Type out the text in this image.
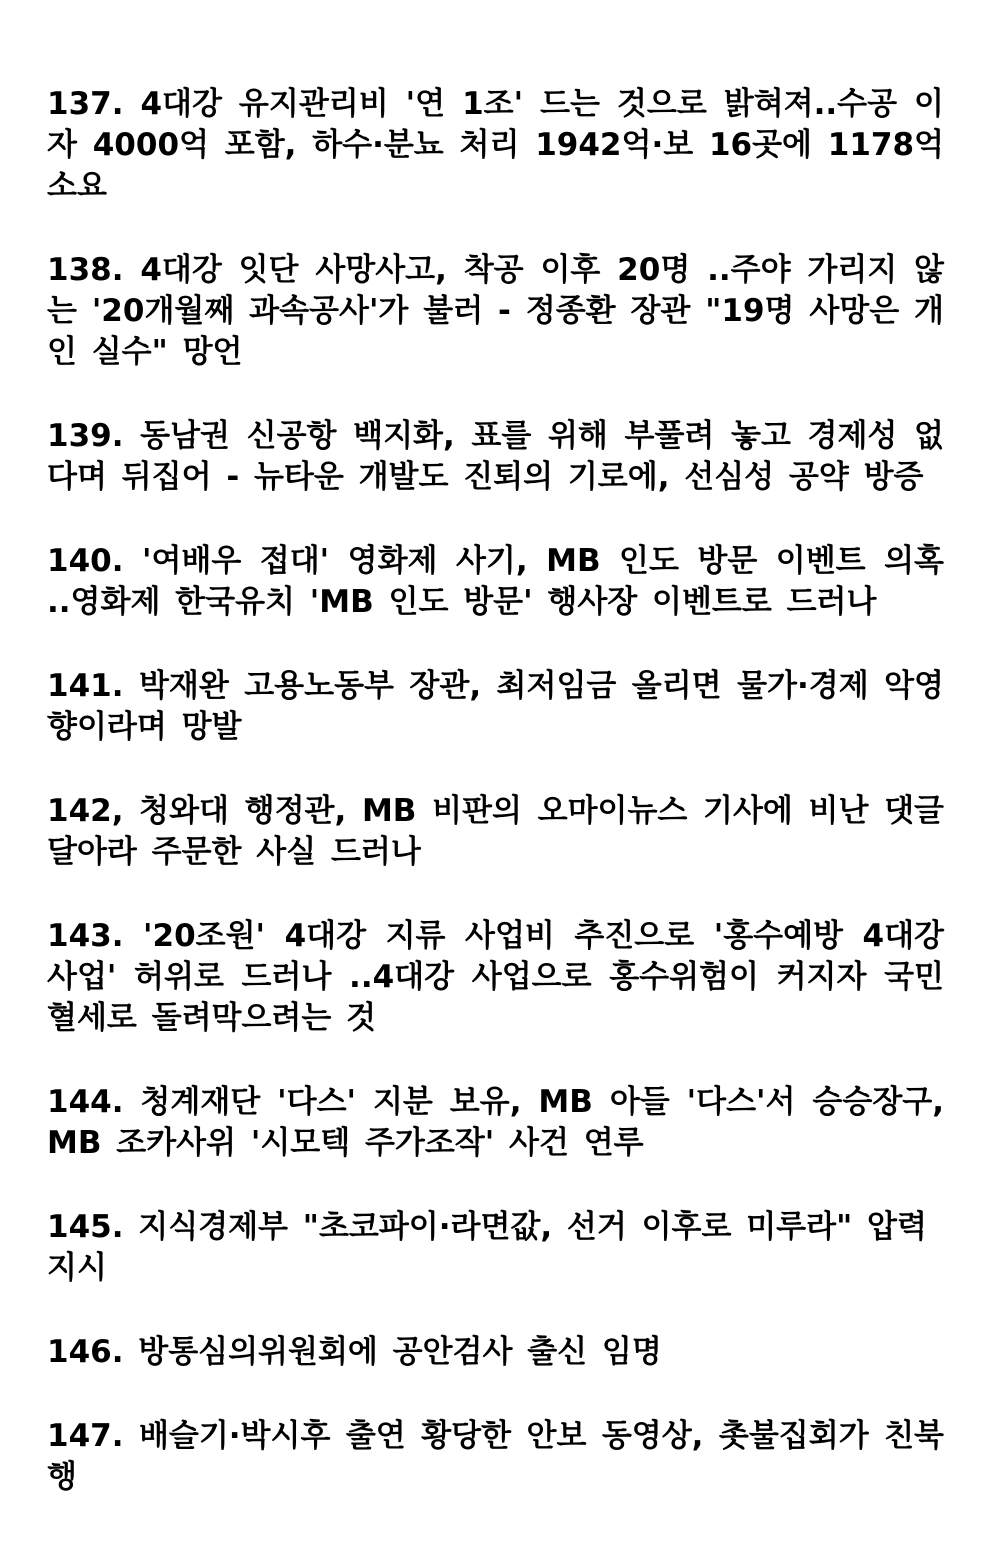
137. 4대강 유지관리비 '연 1조' 드는 것으로 밝혀져..수공 이자 4000억 포함, 하수·분뇨 처리 1942억·보 16곳에 1178억 소요

138. 4대강 잇단 사망사고, 착공 이후 20명 ..주야 가리지 않는 '20개월째 과속공사'가 불러 - 정종환 장관 "19명 사망은 개인 실수" 망언

139. 동남권 신공항 백지화, 표를 위해 부풀려 놓고 경제성 없다며 뒤집어 - 뉴타운 개발도 진퇴의 기로에, 선심성 공약 방증

140. '여배우 접대' 영화제 사기, MB 인도 방문 이벤트 의혹 ..영화제 한국유치 'MB 인도 방문' 행사장 이벤트로 드러나

141. 박재완 고용노동부 장관, 최저임금 올리면 물가·경제 악영향이라며 망발

142, 청와대 행정관, MB 비판의 오마이뉴스 기사에 비난 댓글 달아라 주문한 사실 드러나

143. '20조원' 4대강 지류 사업비 추진으로 '홍수예방 4대강 사업' 허위로 드러나 ..4대강 사업으로 홍수위험이 커지자 국민 혈세로 돌려막으려는 것

144. 청계재단 '다스' 지분 보유, MB 아들 '다스'서 승승장구, MB 조카사위 '시모텍 주가조작' 사건 연루

145. 지식경제부 "초코파이·라면값, 선거 이후로 미루라" 압력지시

146. 방통심의위원회에 공안검사 출신 임명

147. 배슬기·박시후 출연 황당한 안보 동영상, 촛불집회가 친북 행
